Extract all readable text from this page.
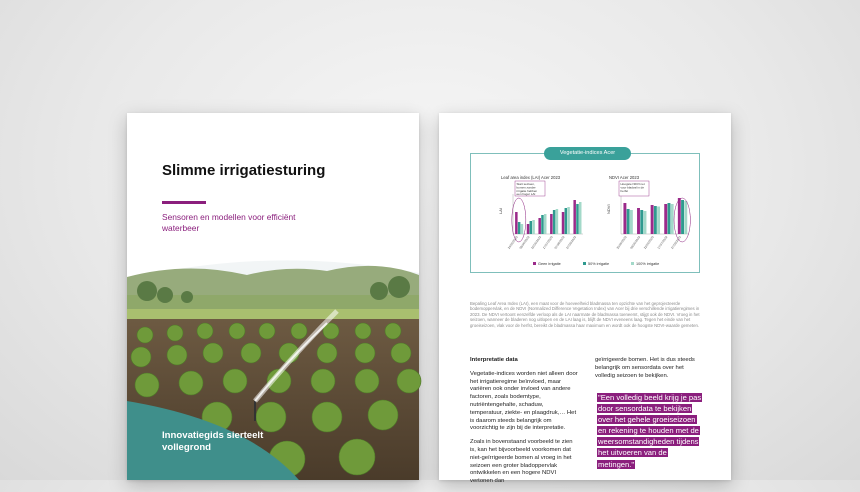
Slimme irrigatiesturing
Sensoren en modellen voor efficiënt waterbeer
Innovatiegids sierteelt vollegrond
Vegetatie-indices Acer
Leaf area index (LAI) Acer 2023
LAI
26/05/2023 08/06/2023 22/06/2023 17/07/2023 07/08/2023 27/09/2023
Start seizoen, bomen zonder irrigatie hebben een hoger LAI
NDVI Acer 2023
NDVI
26/05/2023 08/06/2023 22/06/2023 17/07/2023 27/09/2023
Hoogste NDVI net voor bladval in de herfst
Geen irrigatie	50% irrigatie	100% irrigatie
Bepaling Leaf Area Index (LAI), een maat voor de hoeveelheid bladmassa ten opzichte van het geprojecteerde bodemoppervlak, en de NDVI (Normalized Difference Vegetation Index) van Acer bij drie verschillende irrigatieregimes in 2023. De NDVI vertoont eenzelfde verloop als de LAI naarmate de bladmassa toeneemt, stijgt ook de NDVI. Vroeg in het seizoen, wanneer de bladeren nog uitlopen en de LAI laag is, blijft de NDVI eveneens laag. Tegen het einde van het groeiseizoen, vlak voor de herfst, bereikt de bladmassa haar maximum en wordt ook de hoogste NDVI-waarde gemeten.

Interpretatie data

Vegetatie-indices worden niet alleen door het irrigatieregime beïnvloed, maar variëren ook onder invloed van andere factoren, zoals bodemtype, nutriëntengehalte, schaduw, temperatuur, ziekte- en plaagdruk,… Het is daarom steeds belangrijk om voorzichtig te zijn bij de interpretatie.

Zoals in bovenstaand voorbeeld te zien is, kan het bijvoorbeeld voorkomen dat niet-geïrrigeerde bomen al vroeg in het seizoen een groter bladoppervlak ontwikkelen en een hogere NDVI vertonen dan

geïrrigeerde bomen. Het is dus steeds belangrijk om sensordata over het volledig seizoen te bekijken.

"Een volledig beeld krijg je pas door sensordata te bekijken over het gehele groeiseizoen en rekening te houden met de weersomstandigheden tijdens het uitvoeren van de metingen."
